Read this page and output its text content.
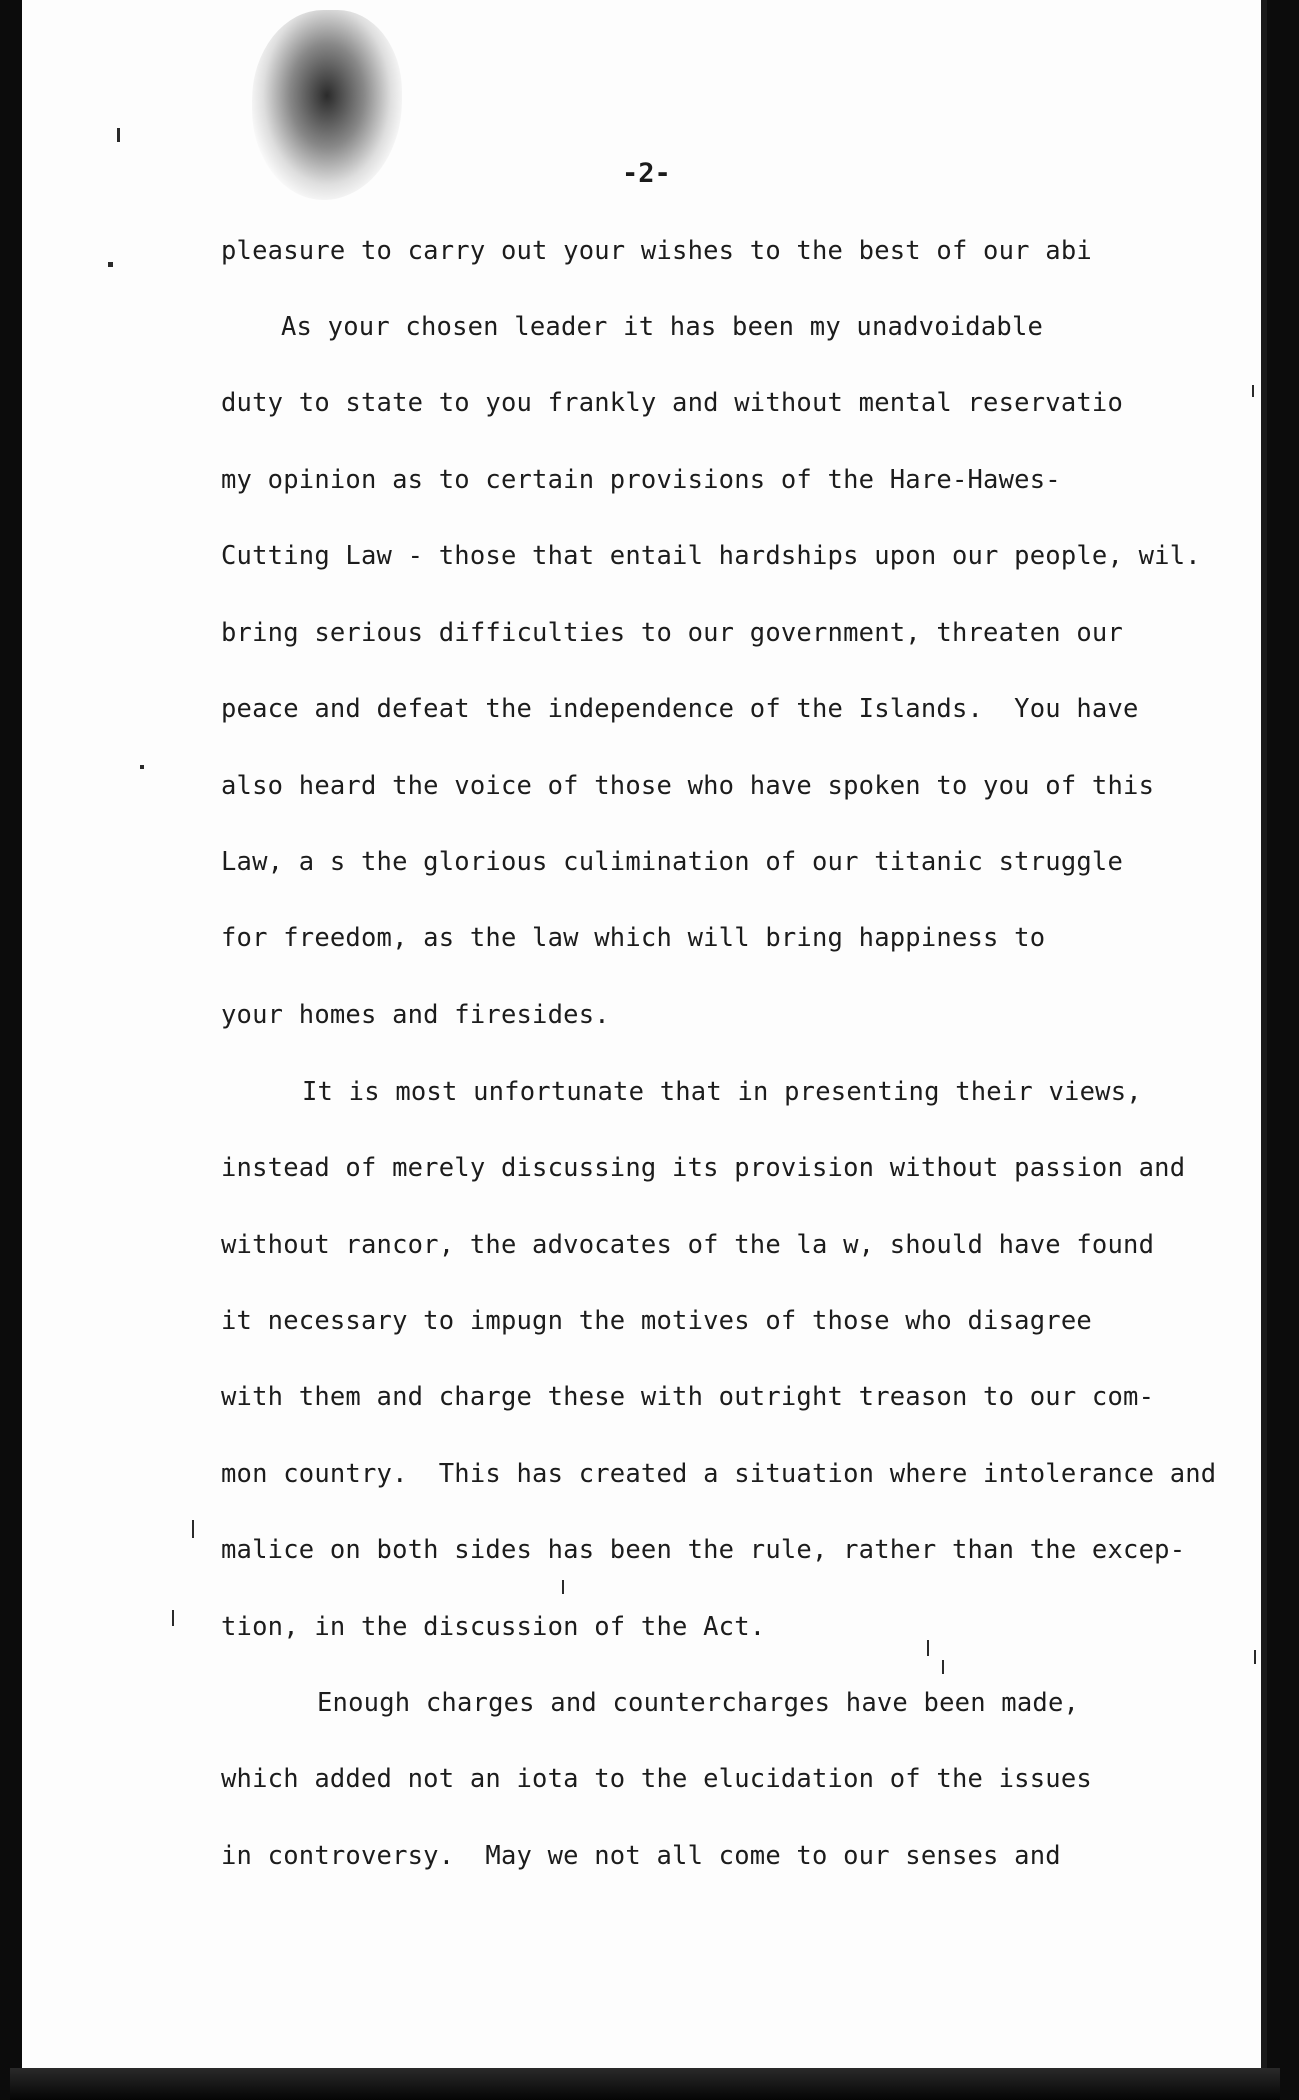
-2-
pleasure to carry out your wishes to the best of our abi
As your chosen leader it has been my unadvoidable
duty to state to you frankly and without mental reservatio
my opinion as to certain provisions of the Hare-Hawes-
Cutting Law - those that entail hardships upon our people, wil.
bring serious difficulties to our government, threaten our
peace and defeat the independence of the Islands.  You have
also heard the voice of those who have spoken to you of this
Law, a s the glorious culimination of our titanic struggle
for freedom, as the law which will bring happiness to
your homes and firesides.
It is most unfortunate that in presenting their views,
instead of merely discussing its provision without passion and
without rancor, the advocates of the la w, should have found
it necessary to impugn the motives of those who disagree
with them and charge these with outright treason to our com-
mon country.  This has created a situation where intolerance and
malice on both sides has been the rule, rather than the excep-
tion, in the discussion of the Act.
Enough charges and countercharges have been made,
which added not an iota to the elucidation of the issues
in controversy.  May we not all come to our senses and
